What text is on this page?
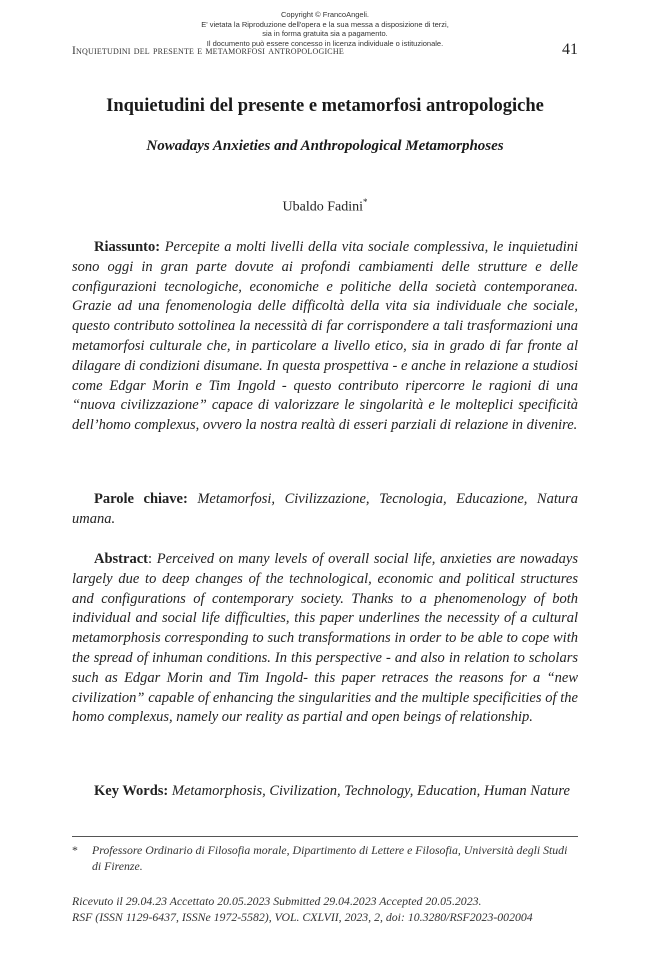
Copyright © FrancoAngeli.
E' vietata la Riproduzione dell'opera e la sua messa a disposizione di terzi,
sia in forma gratuita sia a pagamento.
Il documento può essere concesso in licenza individuale o istituzionale.
Inquietudini del presente e metamorfosi antropologiche	41
Inquietudini del presente e metamorfosi antropologiche
Nowadays Anxieties and Anthropological Metamorphoses
Ubaldo Fadini*
Riassunto: Percepite a molti livelli della vita sociale complessiva, le inquietudini sono oggi in gran parte dovute ai profondi cambiamenti delle strutture e delle configurazioni tecnologiche, economiche e politiche della società contemporanea. Grazie ad una fenomenologia delle difficoltà della vita sia individuale che sociale, questo contributo sottolinea la necessità di far corrispondere a tali trasformazioni una metamorfosi culturale che, in particolare a livello etico, sia in grado di far fronte al dilagare di condizioni disumane. In questa prospettiva - e anche in relazione a studiosi come Edgar Morin e Tim Ingold - questo contributo ripercorre le ragioni di una “nuova civilizzazione” capace di valorizzare le singolarità e le molteplici specificità dell’homo complexus, ovvero la nostra realtà di esseri parziali di relazione in divenire.
Parole chiave: Metamorfosi, Civilizzazione, Tecnologia, Educazione, Natura umana.
Abstract: Perceived on many levels of overall social life, anxieties are nowadays largely due to deep changes of the technological, economic and political structures and configurations of contemporary society. Thanks to a phenomenology of both individual and social life difficulties, this paper underlines the necessity of a cultural metamorphosis corresponding to such transformations in order to be able to cope with the spread of inhuman conditions. In this perspective - and also in relation to scholars such as Edgar Morin and Tim Ingold- this paper retraces the reasons for a “new civilization” capable of enhancing the singularities and the multiple specificities of the homo complexus, namely our reality as partial and open beings of relationship.
Key Words: Metamorphosis, Civilization, Technology, Education, Human Nature
* Professore Ordinario di Filosofia morale, Dipartimento di Lettere e Filosofia, Università degli Studi di Firenze.
Ricevuto il 29.04.23 Accettato 20.05.2023 Submitted 29.04.2023 Accepted 20.05.2023.
RSF (ISSN 1129-6437, ISSNe 1972-5582), VOL. CXLVII, 2023, 2, doi: 10.3280/RSF2023-002004
